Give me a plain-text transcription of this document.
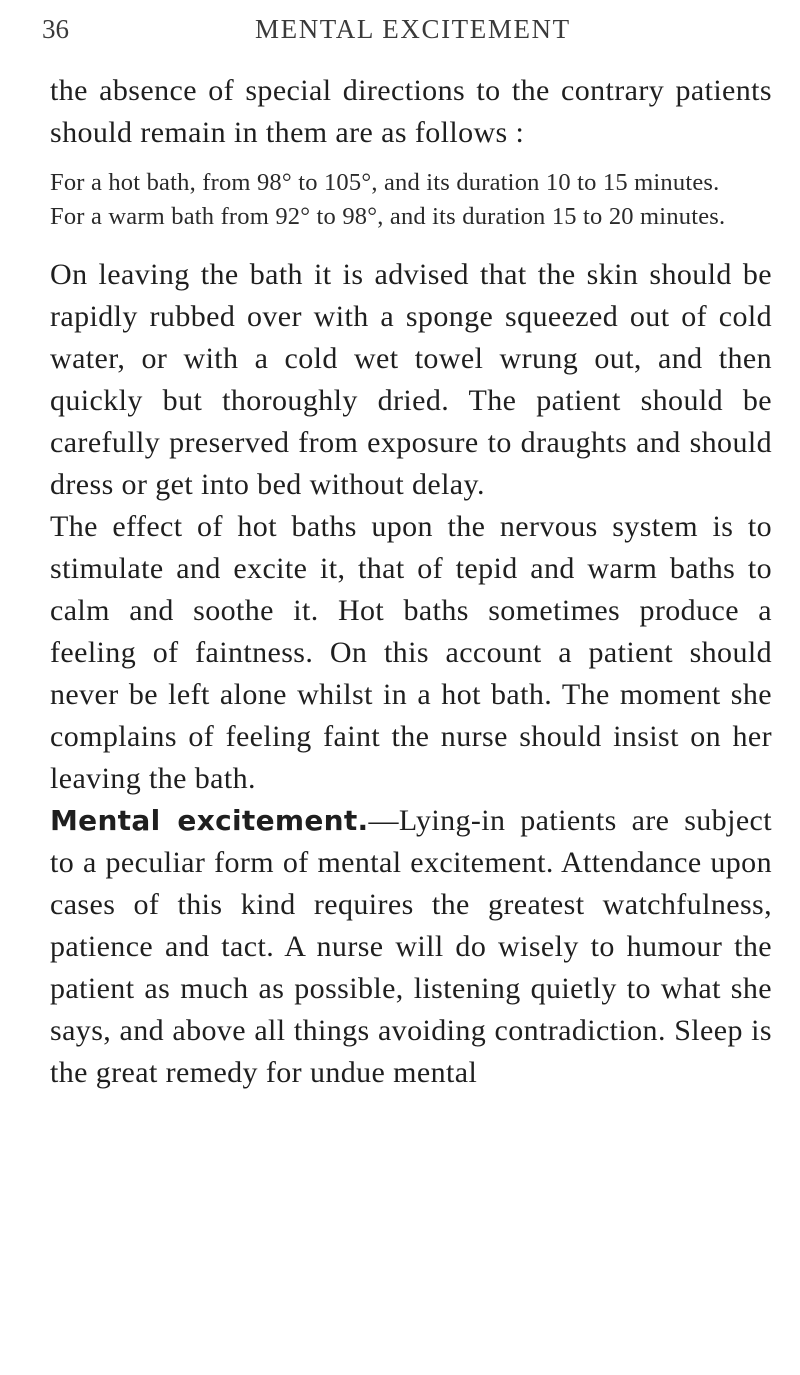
36	MENTAL EXCITEMENT

the absence of special directions to the contrary patients should remain in them are as follows :

For a hot bath, from 98° to 105°, and its duration 10 to 15 minutes.

For a warm bath from 92° to 98°, and its duration 15 to 20 minutes.

On leaving the bath it is advised that the skin should be rapidly rubbed over with a sponge squeezed out of cold water, or with a cold wet towel wrung out, and then quickly but thoroughly dried. The patient should be carefully preserved from exposure to draughts and should dress or get into bed without delay.

The effect of hot baths upon the nervous system is to stimulate and excite it, that of tepid and warm baths to calm and soothe it. Hot baths sometimes produce a feeling of faintness. On this account a patient should never be left alone whilst in a hot bath. The moment she complains of feeling faint the nurse should insist on her leaving the bath.

Mental excitement.—Lying-in patients are subject to a peculiar form of mental excitement. Attendance upon cases of this kind requires the greatest watchfulness, patience and tact. A nurse will do wisely to humour the patient as much as possible, listening quietly to what she says, and above all things avoiding contradiction. Sleep is the great remedy for undue mental
